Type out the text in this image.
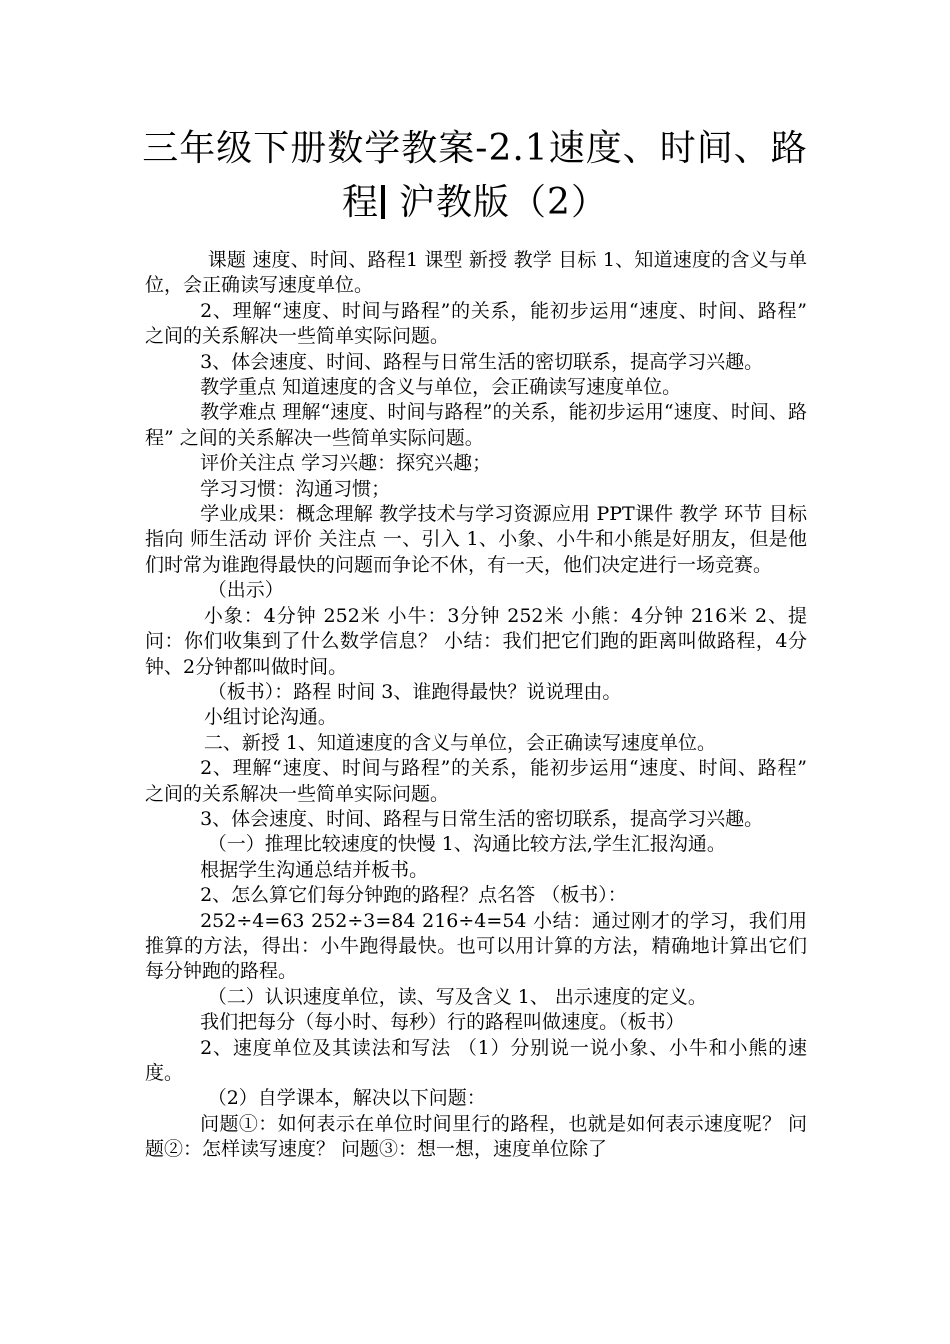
三年级下册数学教案-2.1速度、时间、路
程 沪教版（2）

课题 速度、时间、路程1 课型 新授 教学 目标 1、知道速度的含义与单位，会正确读写速度单位。

2、理解“速度、时间与路程”的关系，能初步运用“速度、时间、路程” 之间的关系解决一些简单实际问题。

3、体会速度、时间、路程与日常生活的密切联系，提高学习兴趣。

教学重点 知道速度的含义与单位，会正确读写速度单位。

教学难点 理解“速度、时间与路程”的关系，能初步运用“速度、时间、路程” 之间的关系解决一些简单实际问题。

评价关注点 学习兴趣：探究兴趣；

学习习惯：沟通习惯；

学业成果：概念理解 教学技术与学习资源应用 PPT课件 教学 环节 目标指向 师生活动 评价 关注点 一、引入 1、小象、小牛和小熊是好朋友，但是他们时常为谁跑得最快的问题而争论不休，有一天，他们决定进行一场竞赛。

（出示）

小象：4分钟 252米 小牛：3分钟 252米 小熊：4分钟 216米 2、提问：你们收集到了什么数学信息？ 小结：我们把它们跑的距离叫做路程，4分钟、2分钟都叫做时间。

（板书）：路程 时间 3、谁跑得最快？说说理由。

小组讨论沟通。

二、新授 1、知道速度的含义与单位，会正确读写速度单位。

2、理解“速度、时间与路程”的关系，能初步运用“速度、时间、路程” 之间的关系解决一些简单实际问题。

3、体会速度、时间、路程与日常生活的密切联系，提高学习兴趣。

（一）推理比较速度的快慢 1、沟通比较方法,学生汇报沟通。

根据学生沟通总结并板书。

2、怎么算它们每分钟跑的路程？点名答 （板书）：

252÷4=63 252÷3=84 216÷4=54 小结：通过刚才的学习，我们用推算的方法，得出：小牛跑得最快。也可以用计算的方法，精确地计算出它们每分钟跑的路程。

（二）认识速度单位，读、写及含义 1、 出示速度的定义。

我们把每分（每小时、每秒）行的路程叫做速度。（板书）

2、速度单位及其读法和写法 （1）分别说一说小象、小牛和小熊的速度。

（2）自学课本，解决以下问题：

问题①：如何表示在单位时间里行的路程，也就是如何表示速度呢？ 问题②：怎样读写速度？ 问题③：想一想，速度单位除了
